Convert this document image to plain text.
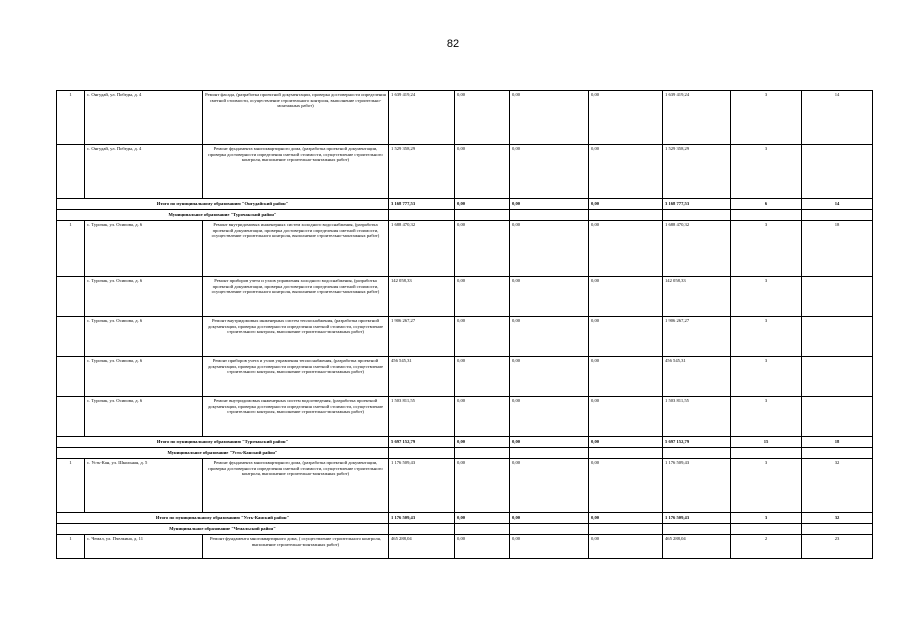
82
1	с. Онгудай, ул. Победы, д. 4	Ремонт фасада, (разработка проектной документации, проверка достоверности определения сметной стоимости, осуществление строительного контроля, выполнение строительно-монтажных работ)	1 639 419,24	0,00	0,00	0,00	1 639 419,24	3	14
	с. Онгудай, ул. Победы, д. 4	Ремонт фундамента многоквартирного дома, (разработка проектной документации, проверка достоверности определения сметной стоимости, осуществление строительного контроля, выполнение строительно-монтажных работ)	1 529 358,29	0,00	0,00	0,00	1 529 358,29	3	
Итого по муниципальному образованию "Онгудайский район"			3 168 777,53	0,00	0,00	0,00	3 168 777,53	6	14
Муниципальное образование "Турочакский район"									
1	с. Турочак, ул. Осипова, д. 6	Ремонт внутридомовых инженерных систем холодного водоснабжения, (разработка проектной документации, проверка достоверности определения сметной стоимости, осуществление строительного контроля, выполнение строительно-монтажных работ)	1 688 470,32	0,00	0,00	0,00	1 688 470,32	3	18
	с. Турочак, ул. Осипова, д. 6	Ремонт приборов учета и узлов управления холодного водоснабжения, (разработка проектной документации, проверка достоверности определения сметной стоимости, осуществление строительного контроля, выполнение строительно-монтажных работ)	142 058,33	0,00	0,00	0,00	142 058,33	3	
	с. Турочак, ул. Осипова, д. 6	Ремонт внутридомовых инженерных систем теплоснабжения, (разработка проектной документации, проверка достоверности определения сметной стоимости, осуществление строительного контроля, выполнение строительно-монтажных работ)	1 906 267,27	0,00	0,00	0,00	1 906 267,27	3	
	с. Турочак, ул. Осипова, д. 6	Ремонт приборов учета и узлов управления теплоснабжения, (разработка проектной документации, проверка достоверности определения сметной стоимости, осуществление строительного контроля, выполнение строительно-монтажных работ)	456 545,31	0,00	0,00	0,00	456 545,31	3	
	с. Турочак, ул. Осипова, д. 6	Ремонт внутридомовых инженерных систем водоотведения, (разработка проектной документации, проверка достоверности определения сметной стоимости, осуществление строительного контроля, выполнение строительно-монтажных работ)	1 503 811,55	0,00	0,00	0,00	1 503 811,55	3	
Итого по муниципальному образованию "Турочакский район"			5 697 152,79	0,00	0,00	0,00	5 697 152,79	15	18
Муниципальное образование "Усть-Канский район"									
1	с. Усть-Кан, ул. Школьная, д. 5	Ремонт фундамента многоквартирного дома, (разработка проектной документации, проверка достоверности определения сметной стоимости, осуществление строительного контроля, выполнение строительно-монтажных работ)	1 176 509,43	0,00	0,00	0,00	1 176 509,43	3	32
Итого по муниципальному образованию "Усть-Канский район"			1 176 509,43	0,00	0,00	0,00	1 176 509,43	3	32
Муниципальное образование "Чемальский район"									
1	с. Чемал, ул. Пчелкина, д. 11	Ремонт фундамента многоквартирного дома, ( осуществление строительного контроля, выполнение строительно-монтажных работ)	465 288,04	0,00	0,00	0,00	465 288,04	2	23
